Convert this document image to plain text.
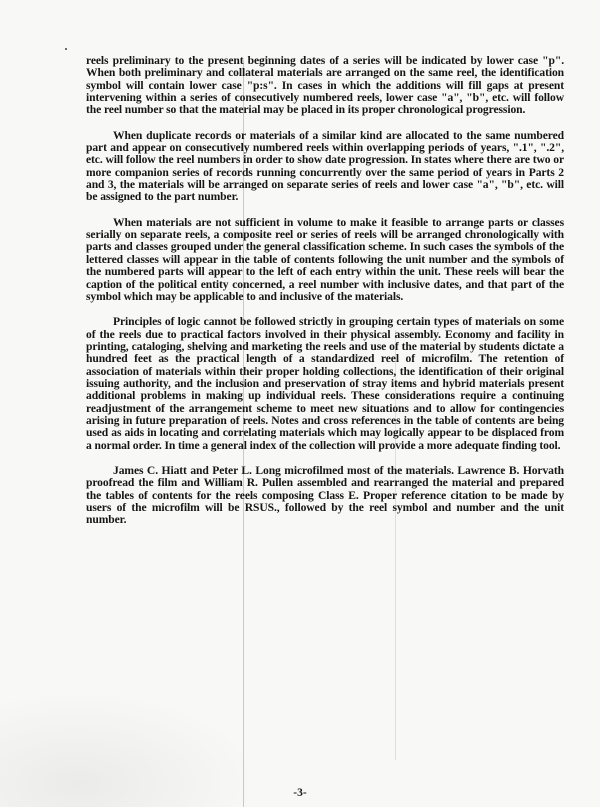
reels preliminary to the present beginning dates of a series will be indicated by lower case "p". When both preliminary and collateral materials are arranged on the same reel, the identification symbol will contain lower case "p:s". In cases in which the additions will fill gaps at present intervening within a series of consecutively numbered reels, lower case "a", "b", etc. will follow the reel number so that the material may be placed in its proper chronological progression.

When duplicate records or materials of a similar kind are allocated to the same numbered part and appear on consecutively numbered reels within overlapping periods of years, ".1", ".2", etc. will follow the reel numbers in order to show date progression. In states where there are two or more companion series of records running concurrently over the same period of years in Parts 2 and 3, the materials will be arranged on separate series of reels and lower case "a", "b", etc. will be assigned to the part number.

When materials are not sufficient in volume to make it feasible to arrange parts or classes serially on separate reels, a composite reel or series of reels will be arranged chronologically with parts and classes grouped under the general classification scheme. In such cases the symbols of the lettered classes will appear in the table of contents following the unit number and the symbols of the numbered parts will appear to the left of each entry within the unit. These reels will bear the caption of the political entity concerned, a reel number with inclusive dates, and that part of the symbol which may be applicable to and inclusive of the materials.

Principles of logic cannot be followed strictly in grouping certain types of materials on some of the reels due to practical factors involved in their physical assembly. Economy and facility in printing, cataloging, shelving and marketing the reels and use of the material by students dictate a hundred feet as the practical length of a standardized reel of microfilm. The retention of association of materials within their proper holding collections, the identification of their original issuing authority, and the inclusion and preservation of stray items and hybrid materials present additional problems in making up individual reels. These considerations require a continuing readjustment of the arrangement scheme to meet new situations and to allow for contingencies arising in future preparation of reels. Notes and cross references in the table of contents are being used as aids in locating and correlating materials which may logically appear to be displaced from a normal order. In time a general index of the collection will provide a more adequate finding tool.

James C. Hiatt and Peter L. Long microfilmed most of the materials. Lawrence B. Horvath proofread the film and William R. Pullen assembled and rearranged the material and prepared the tables of contents for the reels composing Class E. Proper reference citation to be made by users of the microfilm will be RSUS., followed by the reel symbol and number and the unit number.

-3-
